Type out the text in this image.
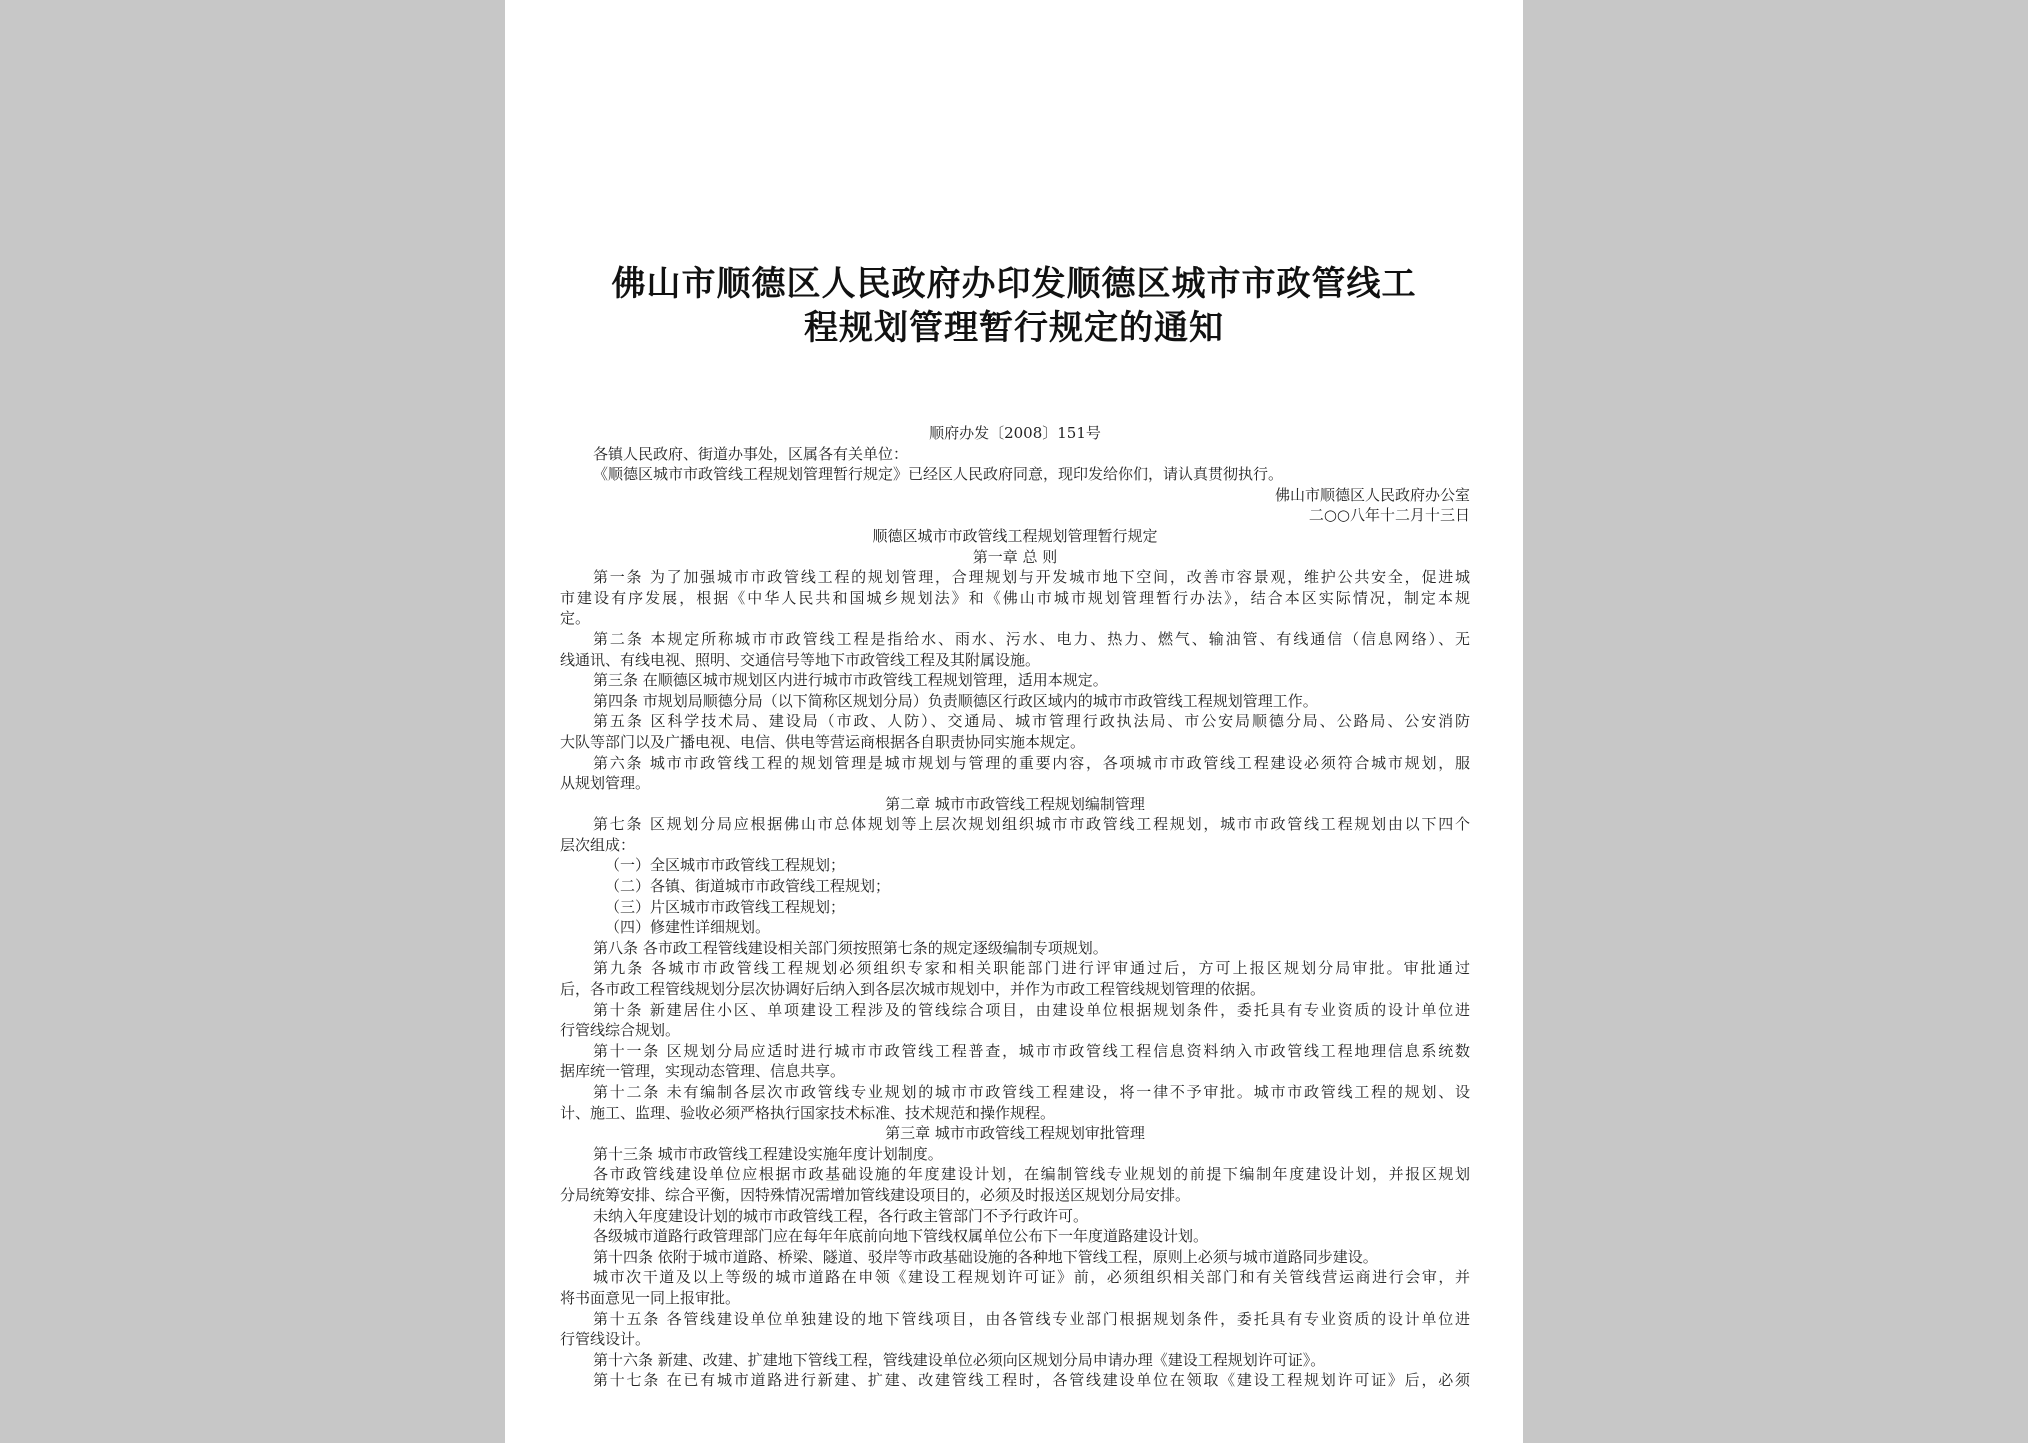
佛山市顺德区人民政府办印发顺德区城市市政管线工
程规划管理暂行规定的通知
顺府办发〔2008〕151号
各镇人民政府、街道办事处，区属各有关单位：
《顺德区城市市政管线工程规划管理暂行规定》已经区人民政府同意，现印发给你们，请认真贯彻执行。
佛山市顺德区人民政府办公室
二○○八年十二月十三日
顺德区城市市政管线工程规划管理暂行规定
第一章 总 则
第一条 为了加强城市市政管线工程的规划管理，合理规划与开发城市地下空间，改善市容景观，维护公共安全，促进城
市建设有序发展，根据《中华人民共和国城乡规划法》和《佛山市城市规划管理暂行办法》，结合本区实际情况，制定本规
定。
第二条 本规定所称城市市政管线工程是指给水、雨水、污水、电力、热力、燃气、输油管、有线通信（信息网络）、无
线通讯、有线电视、照明、交通信号等地下市政管线工程及其附属设施。
第三条 在顺德区城市规划区内进行城市市政管线工程规划管理，适用本规定。
第四条 市规划局顺德分局（以下简称区规划分局）负责顺德区行政区域内的城市市政管线工程规划管理工作。
第五条 区科学技术局、建设局（市政、人防）、交通局、城市管理行政执法局、市公安局顺德分局、公路局、公安消防
大队等部门以及广播电视、电信、供电等营运商根据各自职责协同实施本规定。
第六条 城市市政管线工程的规划管理是城市规划与管理的重要内容，各项城市市政管线工程建设必须符合城市规划，服
从规划管理。
第二章 城市市政管线工程规划编制管理
第七条 区规划分局应根据佛山市总体规划等上层次规划组织城市市政管线工程规划，城市市政管线工程规划由以下四个
层次组成：
（一）全区城市市政管线工程规划；
（二）各镇、街道城市市政管线工程规划；
（三）片区城市市政管线工程规划；
（四）修建性详细规划。
第八条 各市政工程管线建设相关部门须按照第七条的规定逐级编制专项规划。
第九条 各城市市政管线工程规划必须组织专家和相关职能部门进行评审通过后，方可上报区规划分局审批。审批通过
后，各市政工程管线规划分层次协调好后纳入到各层次城市规划中，并作为市政工程管线规划管理的依据。
第十条 新建居住小区、单项建设工程涉及的管线综合项目，由建设单位根据规划条件，委托具有专业资质的设计单位进
行管线综合规划。
第十一条 区规划分局应适时进行城市市政管线工程普查，城市市政管线工程信息资料纳入市政管线工程地理信息系统数
据库统一管理，实现动态管理、信息共享。
第十二条 未有编制各层次市政管线专业规划的城市市政管线工程建设，将一律不予审批。城市市政管线工程的规划、设
计、施工、监理、验收必须严格执行国家技术标准、技术规范和操作规程。
第三章 城市市政管线工程规划审批管理
第十三条 城市市政管线工程建设实施年度计划制度。
各市政管线建设单位应根据市政基础设施的年度建设计划，在编制管线专业规划的前提下编制年度建设计划，并报区规划
分局统筹安排、综合平衡，因特殊情况需增加管线建设项目的，必须及时报送区规划分局安排。
未纳入年度建设计划的城市市政管线工程，各行政主管部门不予行政许可。
各级城市道路行政管理部门应在每年年底前向地下管线权属单位公布下一年度道路建设计划。
第十四条 依附于城市道路、桥梁、隧道、驳岸等市政基础设施的各种地下管线工程，原则上必须与城市道路同步建设。
城市次干道及以上等级的城市道路在申领《建设工程规划许可证》前，必须组织相关部门和有关管线营运商进行会审，并
将书面意见一同上报审批。
第十五条 各管线建设单位单独建设的地下管线项目，由各管线专业部门根据规划条件，委托具有专业资质的设计单位进
行管线设计。
第十六条 新建、改建、扩建地下管线工程，管线建设单位必须向区规划分局申请办理《建设工程规划许可证》。
第十七条 在已有城市道路进行新建、扩建、改建管线工程时，各管线建设单位在领取《建设工程规划许可证》后，必须
